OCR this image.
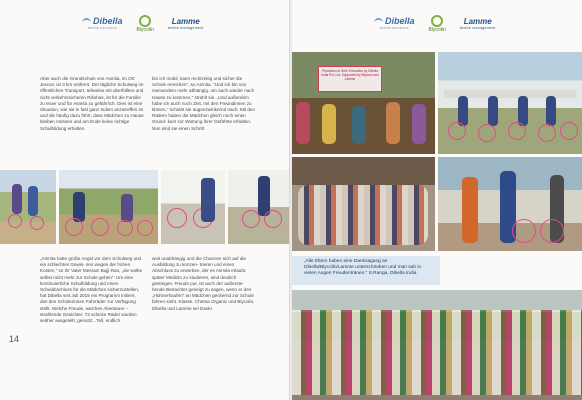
Dibella
textile solutions	Blycolin
Lamme
textile management

Aber auch die Grundschule von Asmita, im Ort Jenoor, ist 3 km entfernt. Der tägliche Schulweg im öffentlichen Transport, teilweise mit überfüllten und nicht verkehrssicheren Rikshas, ist für die Familie zu teuer und für Asmita zu gefährlich. Dies ist eine Situation, wie sie in fast ganz Indien anzutreffen ist und die häufig dazu führt, dass Mädchen zu Hause bleiben müssen und am Ende keine richtige Schulbildung erhalten.

bin ich mobil, kann rechtzeitig und sicher die Schule erreichen", so Asmita. "Und ich bin von niemandem mehr abhängig, um auch wieder nach Hause zu kommen," strahlt sie. „Und außerdem habe ich auch noch Zeit, mit den Freundinnen zu klönen," schiebt sie augenzwinkernd nach. Mit den Rädern haben die Mädchen gleich noch einen Grund- kurs zur Wartung ihrer Gefährte erhalten. Nun sind sie einen Schritt

„Asmita hatte große Angst vor dem Schulweg und ein schlechtes Gewis- sen wegen der hohen Kosten," so ihr Vater Mesram Bujji Rao, „sie wollte selbst nicht mehr zur Schule gehen". Um eine kontinuierliche Schulbildung und einen Schulabschluss für die Mädchen sicherzustellen, hat Dibella seit Juli 2015 ein Programm initiiert, das den Schülerinnen Fahrräder zur Verfügung stellt. Welche Freude, welches Abenteuer – strahlende Gesichter. 73 schicke Räder wurden seither ausgeteilt, genutzt...Tell, endlich

weit unabhängig und die Chancen sich auf die Ausbildung zu konzen- trieren und einen Abschluss zu erwerben, der es Asmita erlaubt, später Medizin zu studieren, sind deutlich gestiegen. Freude pur, ist auch der außerste- hende Betrachter geneigt zu sagen, wenn er den „Hühnerhaufen" an Mädchen geckernd zur Schule fahren sieht. Klasse, Chetna Organic und Blycolin, Dibella und Lamme sei Dank!

14
Dibella
textile solutions	Blycolin
Lamme
textile management
Promotion of Girls' Education by Dibella India Pvt. Ltd. Supported by Blycolin and Lamme
„Alle Eltern haben eine Danksagung an Dibella/Blycolin/Lamme unterschrieben und man sah in vielen Augen Freudentränen." S.Ranga, Dibella India
